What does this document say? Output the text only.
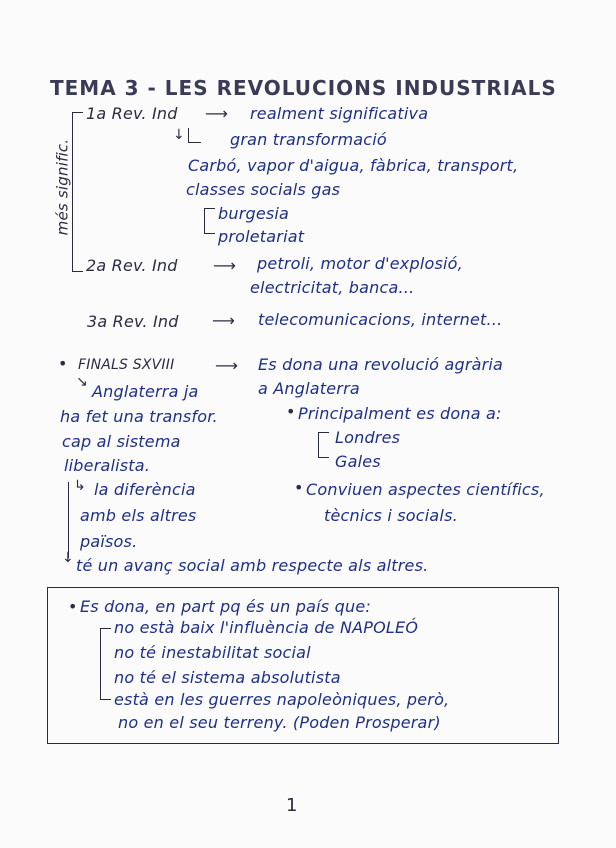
TEMA 3 - LES REVOLUCIONS INDUSTRIALS
més signific.
1a Rev. Ind ⟶ realment significativa
↓	gran transformació
Carbó, vapor d'aigua, fàbrica, transport,
classes socials gas
burgesia
proletariat
2a Rev. Ind ⟶ petroli, motor d'explosió,
electricitat, banca...
3a Rev. Ind ⟶ telecomunicacions, internet...
• FINALS SXVIII	⟶ Es dona una revolució agrària
a Anglaterra
↘ Anglaterra ja
ha fet una transfor.
cap al sistema
liberalista.
• Principalment es dona a:
Londres
Gales
↳ la diferència
amb els altres
països.
↓
• Conviuen aspectes científics,
tècnics i socials.
té un avanç social amb respecte als altres.
• Es dona, en part pq és un país que:
no està baix l'influència de NAPOLEÓ
no té inestabilitat social
no té el sistema absolutista
està en les guerres napoleòniques, però,
no en el seu terreny. (Poden Prosperar)
1
